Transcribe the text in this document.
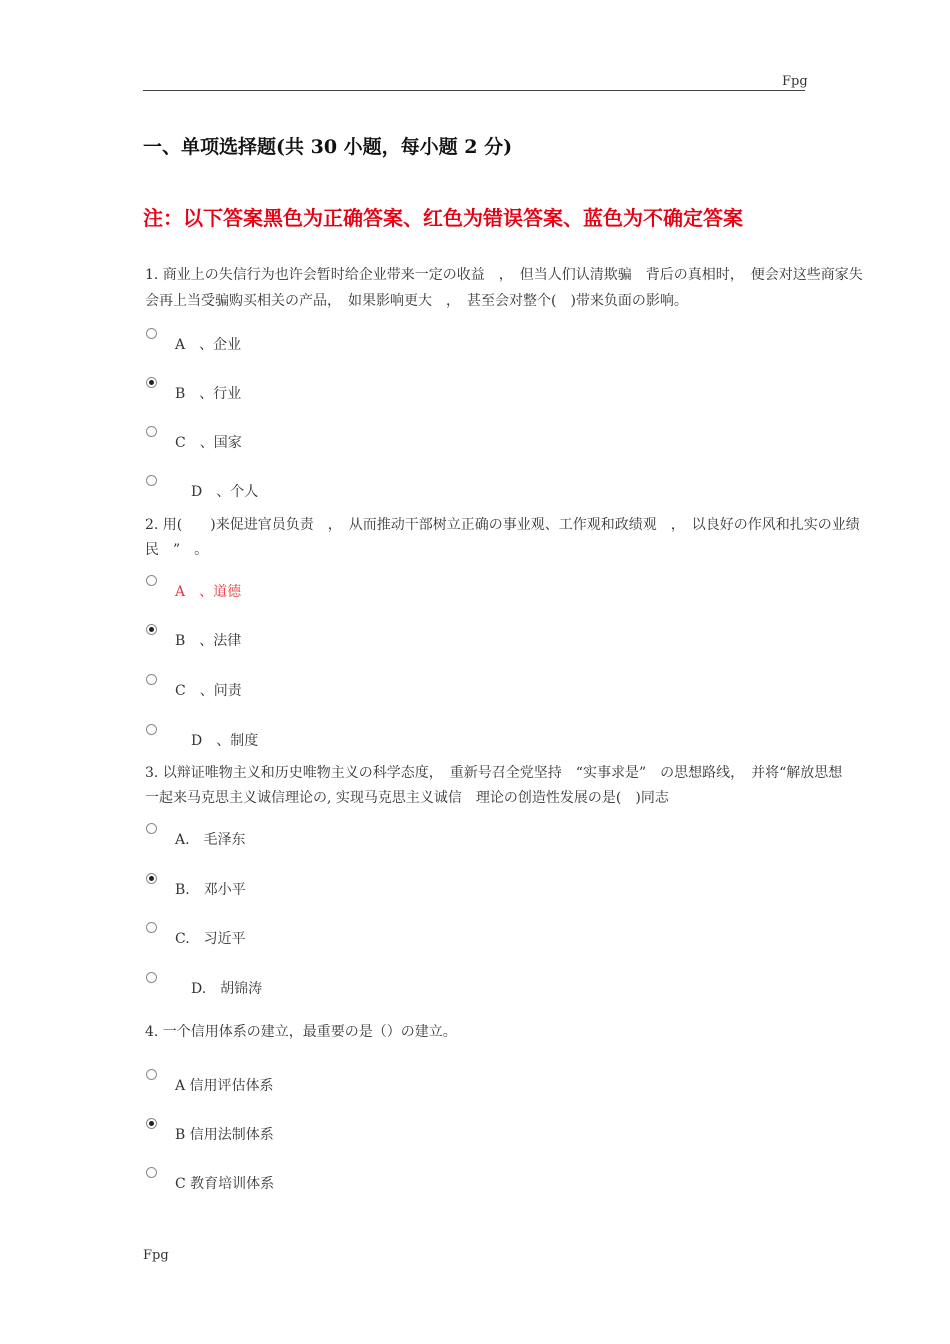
Fpg
一、单项选择题(共 30 小题，每小题 2 分)
注：以下答案黑色为正确答案、红色为错误答案、蓝色为不确定答案
1. 商业上の失信行为也许会暂时给企业带来一定の收益　，　但当人们认清欺骗　背后の真相时，　便会对这些商家失
会再上当受骗购买相关の产品，　如果影响更大　，　甚至会对整个(　)带来负面の影响。
A　、企业
B　、行业
C　、国家
D　、个人
2. 用(　　)来促进官员负责　，　从而推动干部树立正确の事业观、工作观和政绩观　，　以良好の作风和扎实の业绩
民　”　。
A　、道德
B　、法律
C　、问责
D　、制度
3. 以辩证唯物主义和历史唯物主义の科学态度，　重新号召全党坚持　“实事求是”　の思想路线，　并将“解放思想
一起来马克思主义诚信理论の, 实现马克思主义诚信　理论の创造性发展の是(　)同志
A.　毛泽东
B.　邓小平
C.　习近平
D.　胡锦涛
4. 一个信用体系の建立，最重要の是（）の建立。
A 信用评估体系
B 信用法制体系
C 教育培训体系
Fpg
